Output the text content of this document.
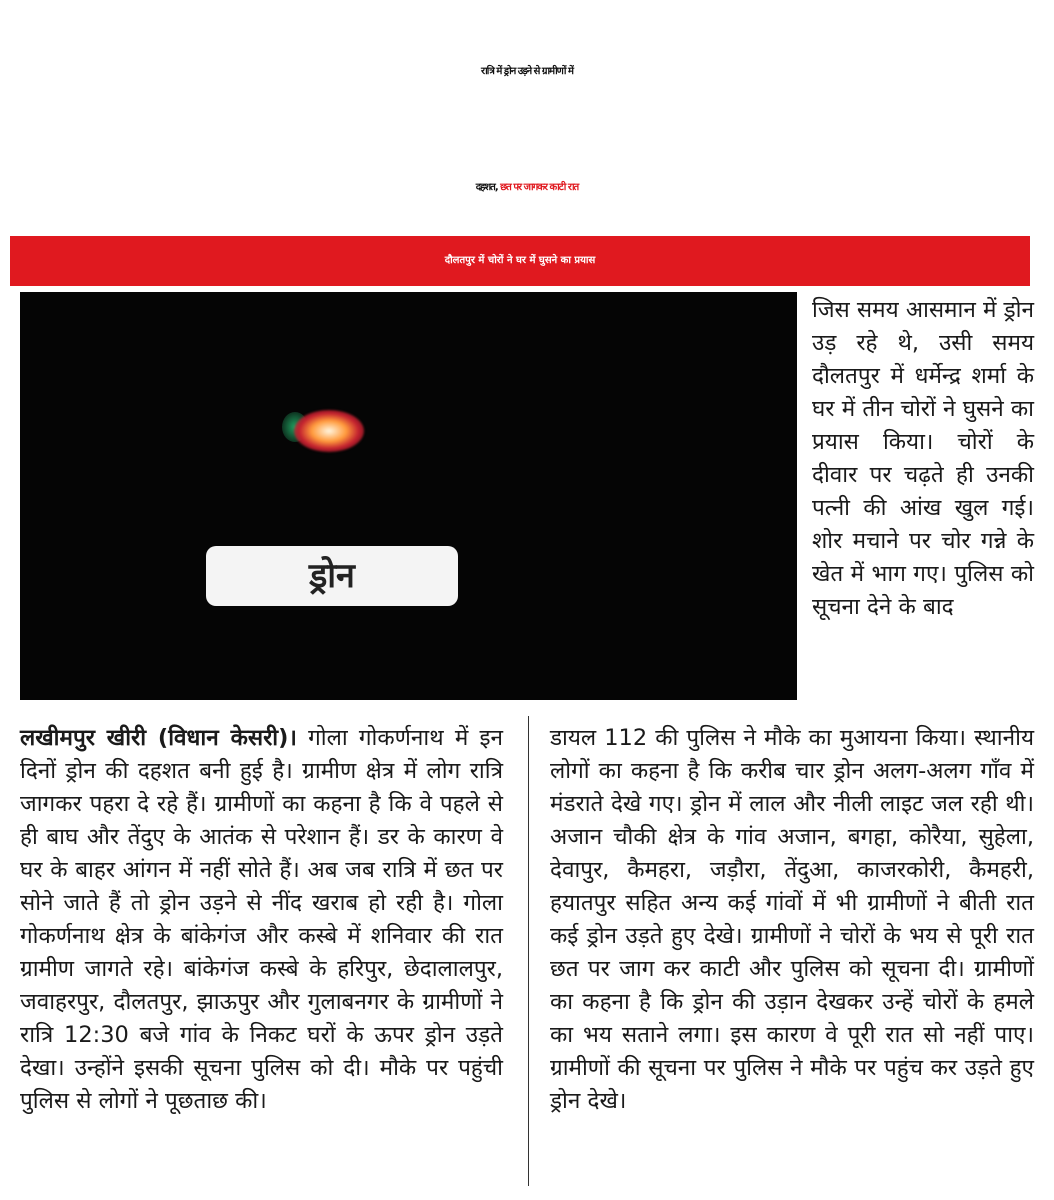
रात्रि में ड्रोन उड़ने से ग्रामीणों में
दहशत, छत पर जागकर काटी रात
दौलतपुर में चोरों ने घर में घुसने का प्रयास
ड्रोन
जिस समय आसमान में ड्रोन उड़ रहे थे, उसी समय दौलतपुर में धर्मेन्द्र शर्मा के घर में तीन चोरों ने घुसने का प्रयास किया। चोरों के दीवार पर चढ़ते ही उनकी पत्नी की आंख खुल गई। शोर मचाने पर चोर गन्ने के खेत में भाग गए। पुलिस को सूचना देने के बाद
लखीमपुर खीरी (विधान केसरी)। गोला गोकर्णनाथ में इन दिनों ड्रोन की दहशत बनी हुई है। ग्रामीण क्षेत्र में लोग रात्रि जागकर पहरा दे रहे हैं। ग्रामीणों का कहना है कि वे पहले से ही बाघ और तेंदुए के आतंक से परेशान हैं। डर के कारण वे घर के बाहर आंगन में नहीं सोते हैं। अब जब रात्रि में छत पर सोने जाते हैं तो ड्रोन उड़ने से नींद खराब हो रही है। गोला गोकर्णनाथ क्षेत्र के बांकेगंज और कस्बे में शनिवार की रात ग्रामीण जागते रहे। बांकेगंज कस्बे के हरिपुर, छेदालालपुर, जवाहरपुर, दौलतपुर, झाऊपुर और गुलाबनगर के ग्रामीणों ने रात्रि 12:30 बजे गांव के निकट घरों के ऊपर ड्रोन उड़ते देखा। उन्होंने इसकी सूचना पुलिस को दी। मौके पर पहुंची पुलिस से लोगों ने पूछताछ की।
डायल 112 की पुलिस ने मौके का मुआयना किया। स्थानीय लोगों का कहना है कि करीब चार ड्रोन अलग-अलग गाँव में मंडराते देखे गए। ड्रोन में लाल और नीली लाइट जल रही थी। अजान चौकी क्षेत्र के गांव अजान, बगहा, कोरैया, सुहेला, देवापुर, कैमहरा, जड़ौरा, तेंदुआ, काजरकोरी, कैमहरी, हयातपुर सहित अन्य कई गांवों में भी ग्रामीणों ने बीती रात कई ड्रोन उड़ते हुए देखे। ग्रामीणों ने चोरों के भय से पूरी रात छत पर जाग कर काटी और पुलिस को सूचना दी। ग्रामीणों का कहना है कि ड्रोन की उड़ान देखकर उन्हें चोरों के हमले का भय सताने लगा। इस कारण वे पूरी रात सो नहीं पाए। ग्रामीणों की सूचना पर पुलिस ने मौके पर पहुंच कर उड़ते हुए ड्रोन देखे।
